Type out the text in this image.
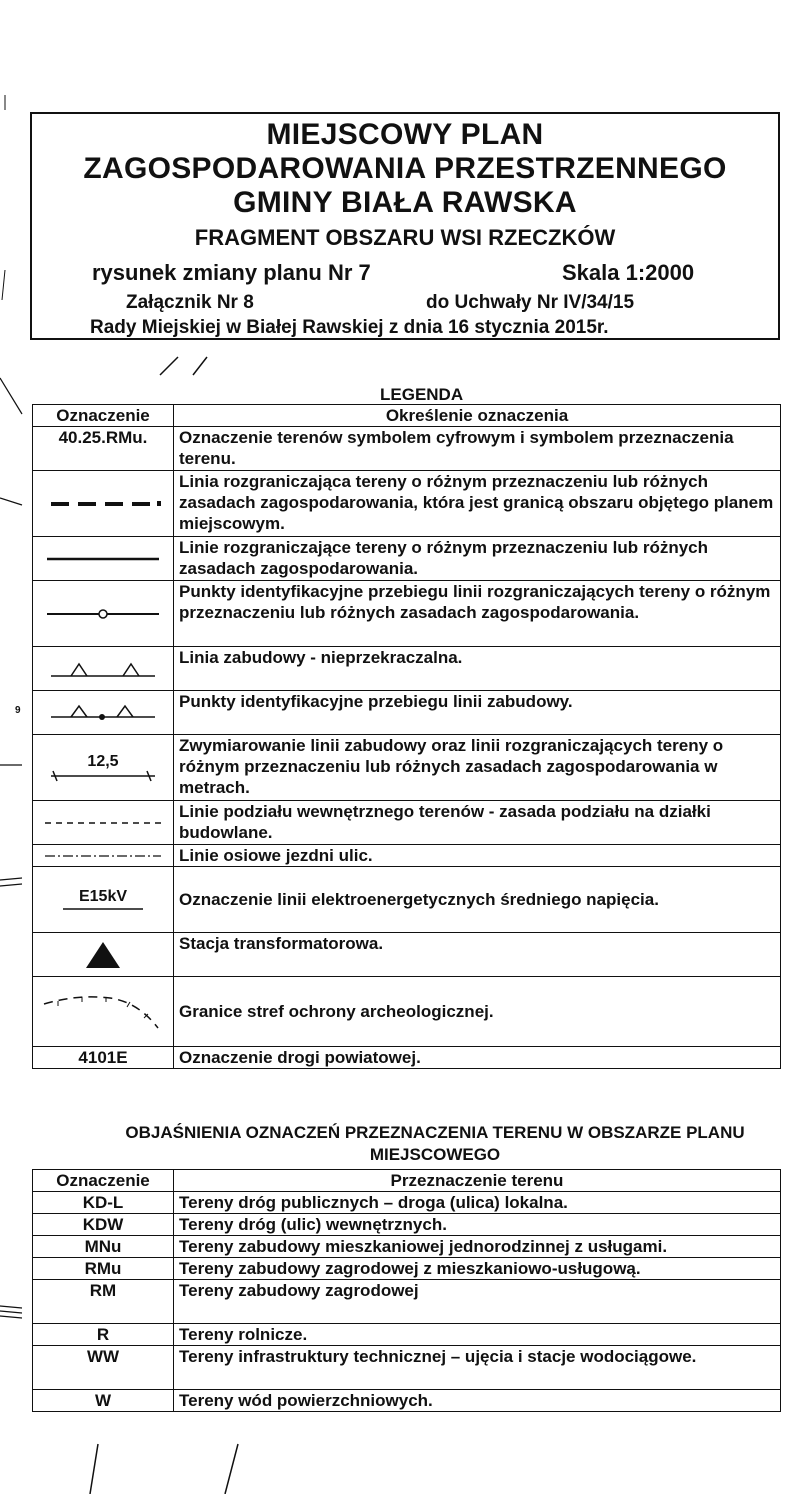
9
MIEJSCOWY PLAN
ZAGOSPODAROWANIA PRZESTRZENNEGO
GMINY BIAŁA RAWSKA
FRAGMENT OBSZARU WSI RZECZKÓW
rysunek zmiany planu Nr 7	Skala 1:2000
Załącznik Nr 8	do Uchwały Nr IV/34/15
Rady Miejskiej w Białej Rawskiej z dnia 16 stycznia 2015r.
LEGENDA
Oznaczenie	Określenie oznaczenia
40.25.RMu.	Oznaczenie terenów symbolem cyfrowym i symbolem przeznaczenia terenu.

	Linia rozgraniczająca tereny o różnym przeznaczeniu lub różnych zasadach zagospodarowania, która jest granicą obszaru objętego planem miejscowym.

	Linie rozgraniczające tereny o różnym przeznaczeniu lub różnych zasadach zagospodarowania.

	Punkty identyfikacyjne przebiegu linii rozgraniczających tereny o różnym przeznaczeniu lub różnych zasadach zagospodarowania.

	Linia zabudowy - nieprzekraczalna.

	Punkty identyfikacyjne przebiegu linii zabudowy.

12,5	Zwymiarowanie linii zabudowy oraz linii rozgraniczających tereny o różnym przeznaczeniu lub różnych zasadach zagospodarowania w metrach.

	Linie podziału wewnętrznego terenów - zasada podziału na działki budowlane.

	Linie osiowe jezdni ulic.

E15kV	Oznaczenie linii elektroenergetycznych średniego napięcia.

	Stacja transformatorowa.

	Granice stref ochrony archeologicznej.
4101E	Oznaczenie drogi powiatowej.
OBJAŚNIENIA OZNACZEŃ PRZEZNACZENIA TERENU W OBSZARZE PLANU
MIEJSCOWEGO
Oznaczenie	Przeznaczenie terenu
KD-L	Tereny dróg publicznych – droga (ulica) lokalna.
KDW	Tereny dróg (ulic) wewnętrznych.
MNu	Tereny zabudowy mieszkaniowej jednorodzinnej z usługami.
RMu	Tereny zabudowy zagrodowej z mieszkaniowo-usługową.
RM	Tereny zabudowy zagrodowej
R	Tereny rolnicze.
WW	Tereny infrastruktury technicznej – ujęcia i stacje wodociągowe.
W	Tereny wód powierzchniowych.
